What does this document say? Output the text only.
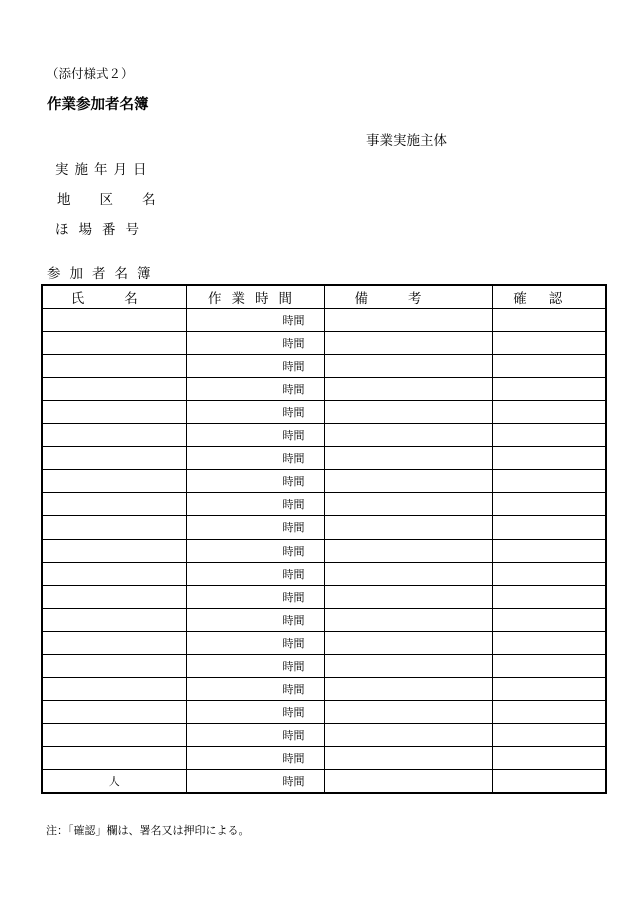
（添付様式２）
作業参加者名簿
事業実施主体
実施年月日
地区名
ほ場番号
参加者名簿
氏名	作業時間	備考	確認
	時間		
	時間		
	時間		
	時間		
	時間		
	時間		
	時間		
	時間		
	時間		
	時間		
	時間		
	時間		
	時間		
	時間		
	時間		
	時間		
	時間		
	時間		
	時間		
	時間		
人	時間		
注：「確認」欄は、署名又は押印による。
